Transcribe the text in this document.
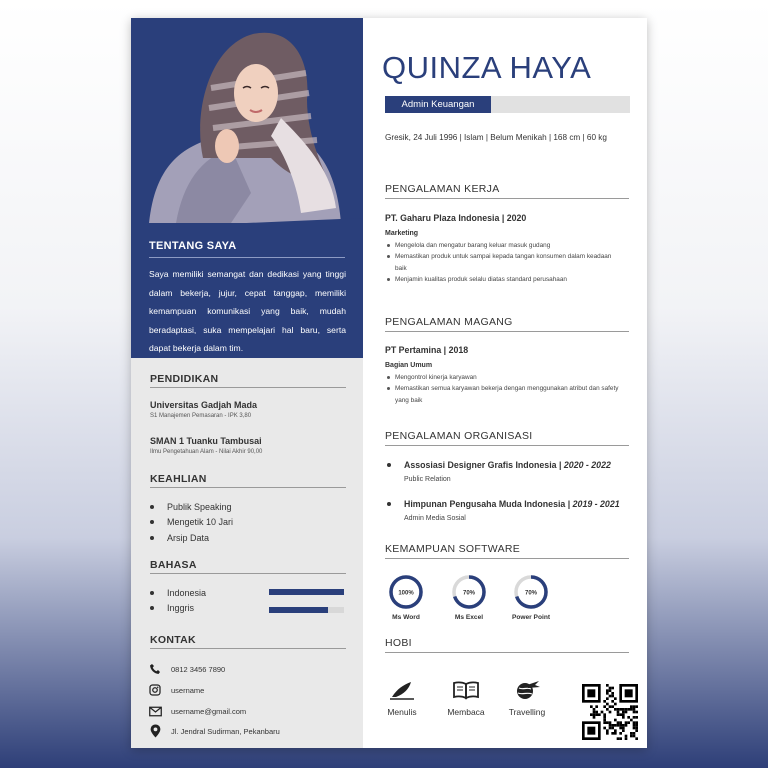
TENTANG SAYA

Saya memiliki semangat dan dedikasi yang tinggi dalam bekerja, jujur, cepat tanggap, memiliki kemampuan komunikasi yang baik, mudah beradaptasi, suka mempelajari hal baru, serta dapat bekerja dalam tim.

PENDIDIKAN
Universitas Gadjah Mada
S1 Manajemen Pemasaran - IPK 3,80
SMAN 1 Tuanku Tambusai
Ilmu Pengetahuan Alam - Nilai Akhir 90,00
KEAHLIAN
Publik Speaking
Mengetik 10 Jari
Arsip Data
BAHASA
Indonesia
Inggris
KONTAK
0812 3456 7890
username
username@gmail.com
Jl. Jendral Sudirman, Pekanbaru
QUINZA HAYA
Admin Keuangan
Gresik, 24 Juli 1996 | Islam | Belum Menikah | 168 cm | 60 kg
PENGALAMAN KERJA
PT. Gaharu Plaza Indonesia | 2020
Marketing
Mengelola dan mengatur barang keluar masuk gudang
Memastikan produk untuk sampai kepada tangan konsumen dalam keadaan baik
Menjamin kualitas produk selalu diatas standard perusahaan
PENGALAMAN MAGANG
PT Pertamina | 2018
Bagian Umum
Mengontrol kinerja karyawan
Memastikan semua karyawan bekerja dengan menggunakan atribut dan safety yang baik
PENGALAMAN ORGANISASI
Assosiasi Designer Grafis Indonesia |
2020 - 2022
Public Relation
Himpunan Pengusaha Muda Indonesia |
2019 - 2021
Admin Media Sosial
KEMAMPUAN SOFTWARE
100%
Ms Word
70%
Ms Excel
70%
Power Point
HOBI
Menulis	Membaca	Travelling
